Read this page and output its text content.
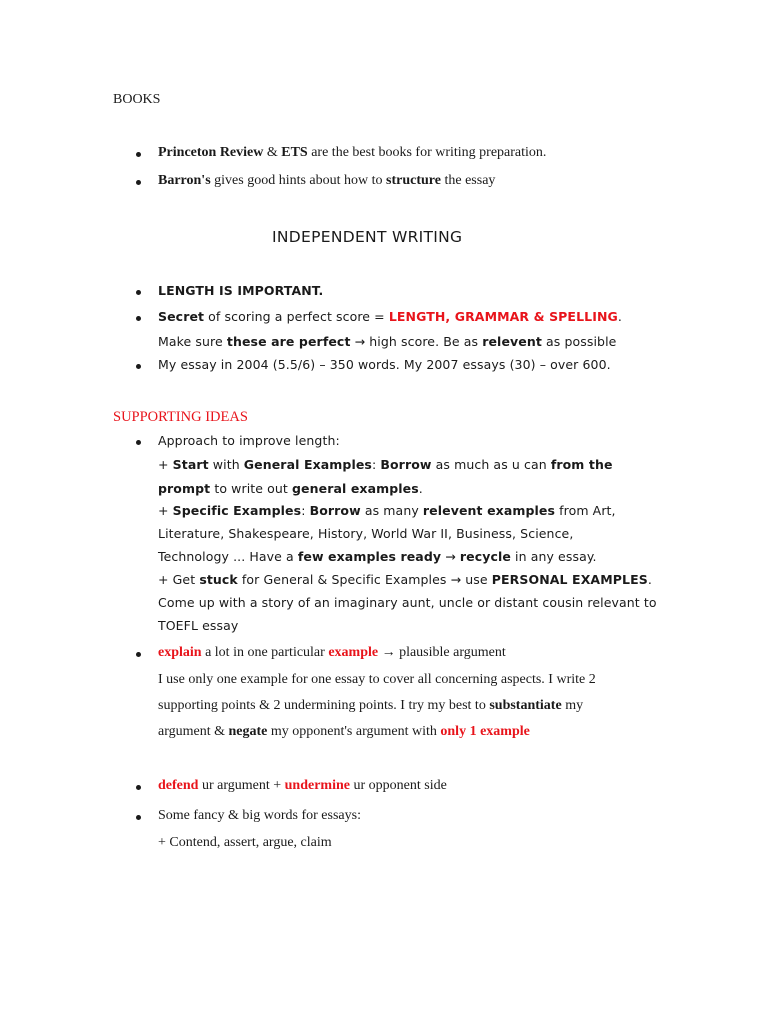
BOOKS
Princeton Review & ETS are the best books for writing preparation.
Barron's gives good hints about how to structure the essay
INDEPENDENT WRITING
LENGTH IS IMPORTANT.
Secret of scoring a perfect score = LENGTH, GRAMMAR & SPELLING.
Make sure these are perfect → high score. Be as relevent as possible
My essay in 2004 (5.5/6) – 350 words. My 2007 essays (30) – over 600.
SUPPORTING IDEAS
Approach to improve length:
+ Start with General Examples: Borrow as much as u can from the
prompt to write out general examples.
+ Specific Examples: Borrow as many relevent examples from Art,
Literature, Shakespeare, History, World War II, Business, Science,
Technology ... Have a few examples ready → recycle in any essay.
+ Get stuck for General & Specific Examples → use PERSONAL EXAMPLES.
Come up with a story of an imaginary aunt, uncle or distant cousin relevant to
TOEFL essay
explain a lot in one particular example → plausible argument
I use only one example for one essay to cover all concerning aspects. I write 2
supporting points & 2 undermining points. I try my best to substantiate my
argument & negate my opponent's argument with only 1 example
defend ur argument + undermine ur opponent side
Some fancy & big words for essays:
+ Contend, assert, argue, claim
